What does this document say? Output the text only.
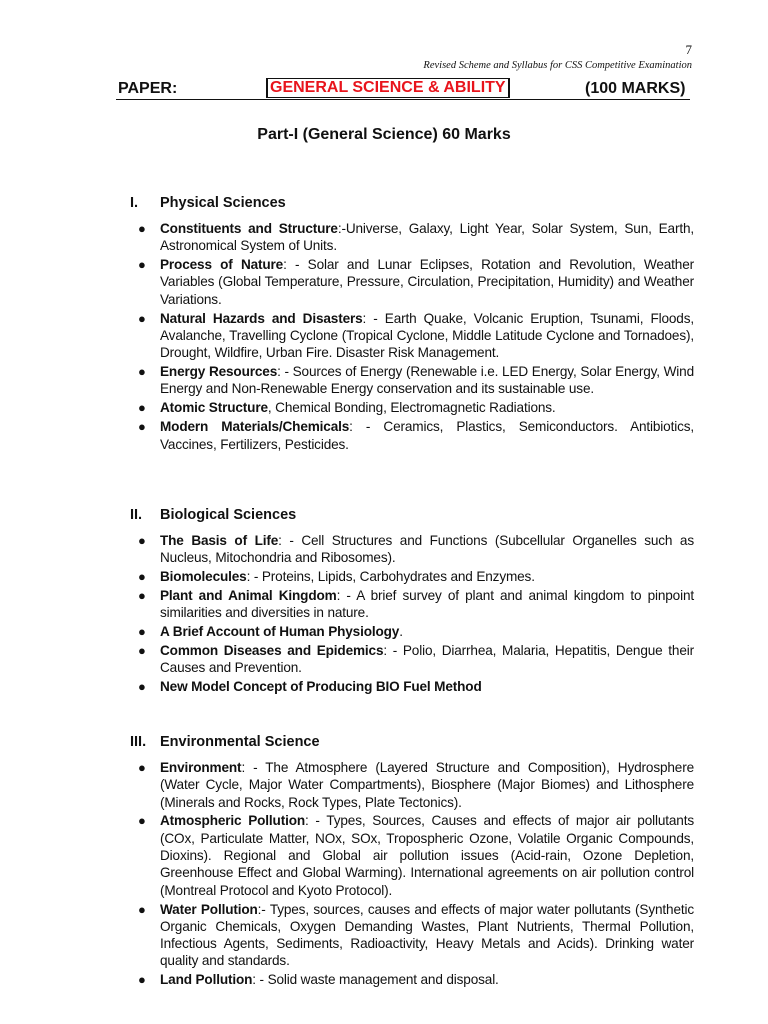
7
Revised Scheme and Syllabus for CSS Competitive Examination
PAPER:	GENERAL SCIENCE & ABILITY	(100 MARKS)
Part-I (General Science) 60 Marks
I. Physical Sciences
● Constituents and Structure:-Universe, Galaxy, Light Year, Solar System, Sun, Earth, Astronomical System of Units.
● Process of Nature: - Solar and Lunar Eclipses, Rotation and Revolution, Weather Variables (Global Temperature, Pressure, Circulation, Precipitation, Humidity) and Weather Variations.
● Natural Hazards and Disasters: - Earth Quake, Volcanic Eruption, Tsunami, Floods, Avalanche, Travelling Cyclone (Tropical Cyclone, Middle Latitude Cyclone and Tornadoes), Drought, Wildfire, Urban Fire. Disaster Risk Management.
● Energy Resources: - Sources of Energy (Renewable i.e. LED Energy, Solar Energy, Wind Energy and Non-Renewable Energy conservation and its sustainable use.
● Atomic Structure, Chemical Bonding, Electromagnetic Radiations.
● Modern Materials/Chemicals: - Ceramics, Plastics, Semiconductors. Antibiotics, Vaccines, Fertilizers, Pesticides.
II. Biological Sciences
● The Basis of Life: - Cell Structures and Functions (Subcellular Organelles such as Nucleus, Mitochondria and Ribosomes).
● Biomolecules: - Proteins, Lipids, Carbohydrates and Enzymes.
● Plant and Animal Kingdom: - A brief survey of plant and animal kingdom to pinpoint similarities and diversities in nature.
● A Brief Account of Human Physiology.
● Common Diseases and Epidemics: - Polio, Diarrhea, Malaria, Hepatitis, Dengue their Causes and Prevention.
● New Model Concept of Producing BIO Fuel Method
III. Environmental Science
● Environment: - The Atmosphere (Layered Structure and Composition), Hydrosphere (Water Cycle, Major Water Compartments), Biosphere (Major Biomes) and Lithosphere (Minerals and Rocks, Rock Types, Plate Tectonics).
● Atmospheric Pollution: - Types, Sources, Causes and effects of major air pollutants (COx, Particulate Matter, NOx, SOx, Tropospheric Ozone, Volatile Organic Compounds, Dioxins). Regional and Global air pollution issues (Acid-rain, Ozone Depletion, Greenhouse Effect and Global Warming). International agreements on air pollution control (Montreal Protocol and Kyoto Protocol).
● Water Pollution:- Types, sources, causes and effects of major water pollutants (Synthetic Organic Chemicals, Oxygen Demanding Wastes, Plant Nutrients, Thermal Pollution, Infectious Agents, Sediments, Radioactivity, Heavy Metals and Acids). Drinking water quality and standards.
● Land Pollution: - Solid waste management and disposal.
